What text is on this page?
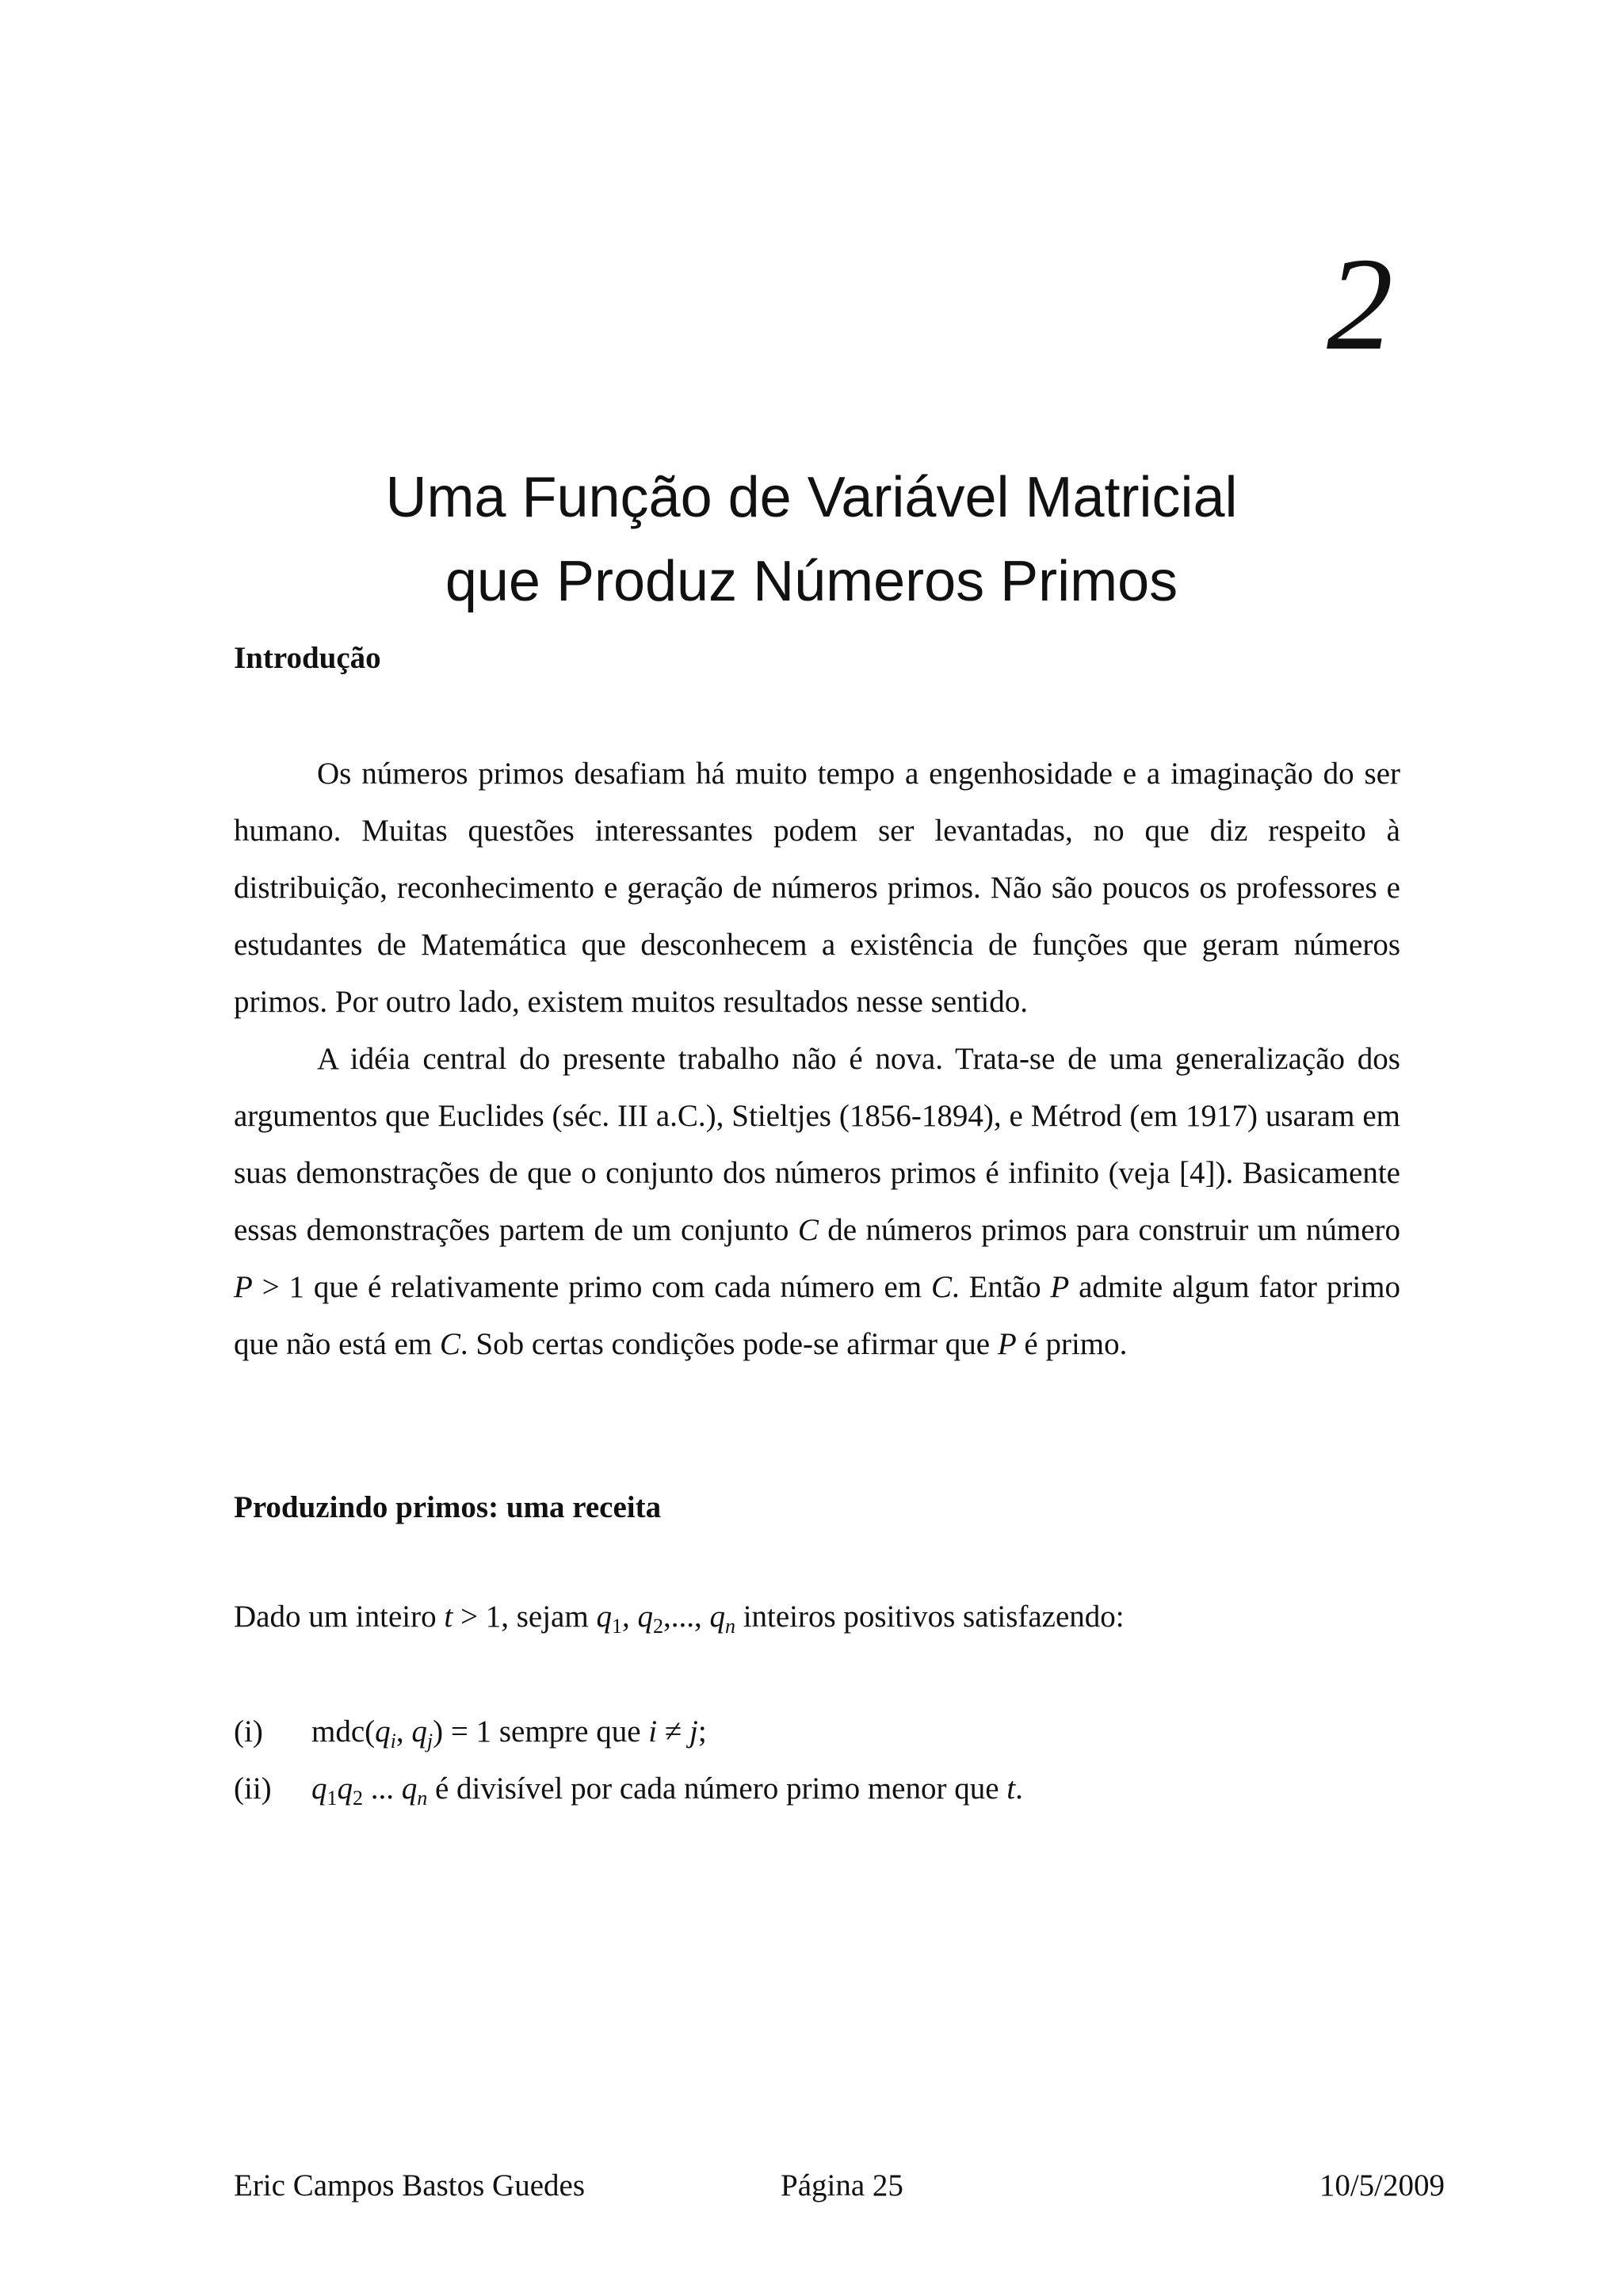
2
Uma Função de Variável Matricial
que Produz Números Primos
Introdução

Os números primos desafiam há muito tempo a engenhosidade e a imaginação do ser humano. Muitas questões interessantes podem ser levantadas, no que diz respeito à distribuição, reconhecimento e geração de números primos. Não são poucos os professores e estudantes de Matemática que desconhecem a existência de funções que geram números primos. Por outro lado, existem muitos resultados nesse sentido.

A idéia central do presente trabalho não é nova. Trata-se de uma generalização dos argumentos que Euclides (séc. III a.C.), Stieltjes (1856-1894), e Métrod (em 1917) usaram em suas demonstrações de que o conjunto dos números primos é infinito (veja [4]). Basicamente essas demonstrações partem de um conjunto C de números primos para construir um número P > 1 que é relativamente primo com cada número em C. Então P admite algum fator primo que não está em C. Sob certas condições pode-se afirmar que P é primo.

Produzindo primos: uma receita
Dado um inteiro t > 1, sejam $q_1$, $q_2$,..., $q_n$ inteiros positivos satisfazendo:
(i) $mdc(q_i$, $q_j) = 1$ sempre que i ≠ j;
(ii) $q_1q_2$ ... $q_n$ é divisível por cada número primo menor que t.
Eric Campos Bastos Guedes	Página 25	10/5/2009
